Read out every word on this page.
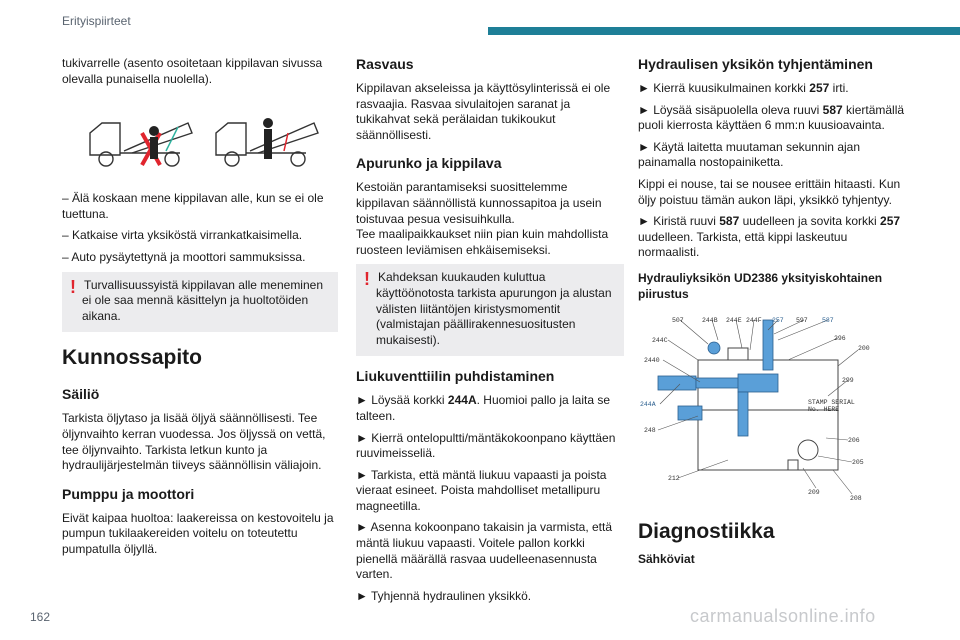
Erityispiirteet

tukivarrelle (asento osoitetaan kippilavan sivussa olevalla punaisella nuolella).

– Älä koskaan mene kippilavan alle, kun se ei ole tuettuna.

– Katkaise virta yksiköstä virrankatkaisimella.

– Auto pysäytettynä ja moottori sammuksissa.

! Turvallisuussyistä kippilavan alle meneminen ei ole saa mennä käsittelyn ja huoltotöiden aikana.
Kunnossapito
Säiliö

Tarkista öljytaso ja lisää öljyä säännöllisesti. Tee öljynvaihto kerran vuodessa. Jos öljyssä on vettä, tee öljynvaihto. Tarkista letkun kunto ja hydraulijärjestelmän tiiveys säännöllisin väliajoin.

Pumppu ja moottori

Eivät kaipaa huoltoa: laakereissa on kestovoitelu ja pumpun tukilaakereiden voitelu on toteutettu pumpatulla öljyllä.

Rasvaus

Kippilavan akseleissa ja käyttösylinterissä ei ole rasvaajia. Rasvaa sivulaitojen saranat ja tukikahvat sekä perälaidan tukikoukut säännöllisesti.

Apurunko ja kippilava

Kestoiän parantamiseksi suosittelemme kippilavan säännöllistä kunnossapitoa ja usein toistuvaa pesua vesisuihkulla.

Tee maalipaikkaukset niin pian kuin mahdollista ruosteen leviämisen ehkäisemiseksi.

! Kahdeksan kuukauden kuluttua käyttöönotosta tarkista apurungon ja alustan välisten liitäntöjen kiristysmomentit (valmistajan päällirakennesuositusten mukaisesti).
Liukuventtiilin puhdistaminen

► Löysää korkki 244A. Huomioi pallo ja laita se talteen.

► Kierrä ontelopultti/mäntäkokoonpano käyttäen ruuvimeisseliä.

► Tarkista, että mäntä liukuu vapaasti ja poista vieraat esineet. Poista mahdolliset metallipuru magneetilla.

► Asenna kokoonpano takaisin ja varmista, että mäntä liukuu vapaasti. Voitele pallon korkki pienellä määrällä rasvaa uudelleenasennusta varten.

► Tyhjennä hydraulinen yksikkö.

Hydraulisen yksikön tyhjentäminen

► Kierrä kuusikulmainen korkki 257 irti.

► Löysää sisäpuolella oleva ruuvi 587 kiertämällä puoli kierrosta käyttäen 6 mm:n kuusioavainta.

► Käytä laitetta muutaman sekunnin ajan painamalla nostopainiketta.

Kippi ei nouse, tai se nousee erittäin hitaasti. Kun öljy poistuu tämän aukon läpi, yksikkö tyhjentyy.

► Kiristä ruuvi 587 uudelleen ja sovita korkki 257 uudelleen. Tarkista, että kippi laskeutuu normaalisti.

Hydrauliyksikön UD2386 yksityiskohtainen piirustus
507	244B 244E 244F 257 597 587
244C	296
200
2440
299
244A	STAMP SERIAL
No. HERE
248
206
205
212
209
208
Diagnostiikka
Sähköviat
162	carmanualsonline.info
